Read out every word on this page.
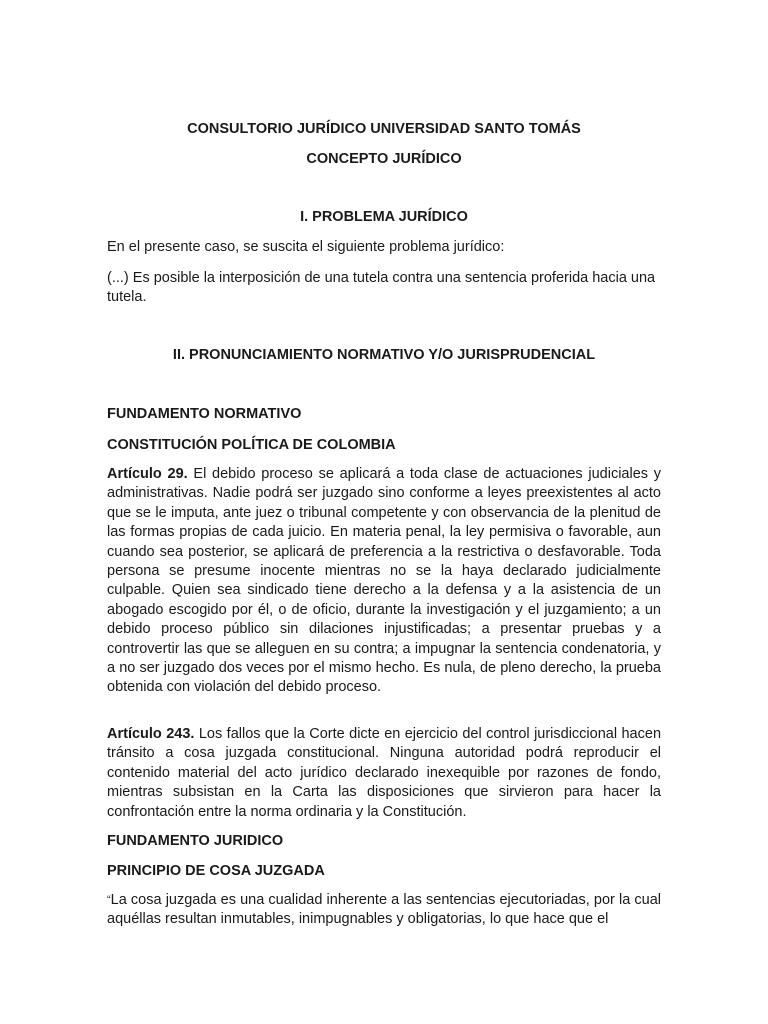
CONSULTORIO JURÍDICO UNIVERSIDAD SANTO TOMÁS
CONCEPTO JURÍDICO
I. PROBLEMA JURÍDICO
En el presente caso, se suscita el siguiente problema jurídico:
(...) Es posible la interposición de una tutela contra una sentencia proferida hacia una tutela.
II. PRONUNCIAMIENTO NORMATIVO Y/O JURISPRUDENCIAL
FUNDAMENTO NORMATIVO
CONSTITUCIÓN POLÍTICA DE COLOMBIA
Artículo 29. El debido proceso se aplicará a toda clase de actuaciones judiciales y administrativas. Nadie podrá ser juzgado sino conforme a leyes preexistentes al acto que se le imputa, ante juez o tribunal competente y con observancia de la plenitud de las formas propias de cada juicio. En materia penal, la ley permisiva o favorable, aun cuando sea posterior, se aplicará de preferencia a la restrictiva o desfavorable. Toda persona se presume inocente mientras no se la haya declarado judicialmente culpable. Quien sea sindicado tiene derecho a la defensa y a la asistencia de un abogado escogido por él, o de oficio, durante la investigación y el juzgamiento; a un debido proceso público sin dilaciones injustificadas; a presentar pruebas y a controvertir las que se alleguen en su contra; a impugnar la sentencia condenatoria, y a no ser juzgado dos veces por el mismo hecho. Es nula, de pleno derecho, la prueba obtenida con violación del debido proceso.
Artículo 243. Los fallos que la Corte dicte en ejercicio del control jurisdiccional hacen tránsito a cosa juzgada constitucional. Ninguna autoridad podrá reproducir el contenido material del acto jurídico declarado inexequible por razones de fondo, mientras subsistan en la Carta las disposiciones que sirvieron para hacer la confrontación entre la norma ordinaria y la Constitución.
FUNDAMENTO JURIDICO
PRINCIPIO DE COSA JUZGADA
“La cosa juzgada es una cualidad inherente a las sentencias ejecutoriadas, por la cual aquéllas resultan inmutables, inimpugnables y obligatorias, lo que hace que el
